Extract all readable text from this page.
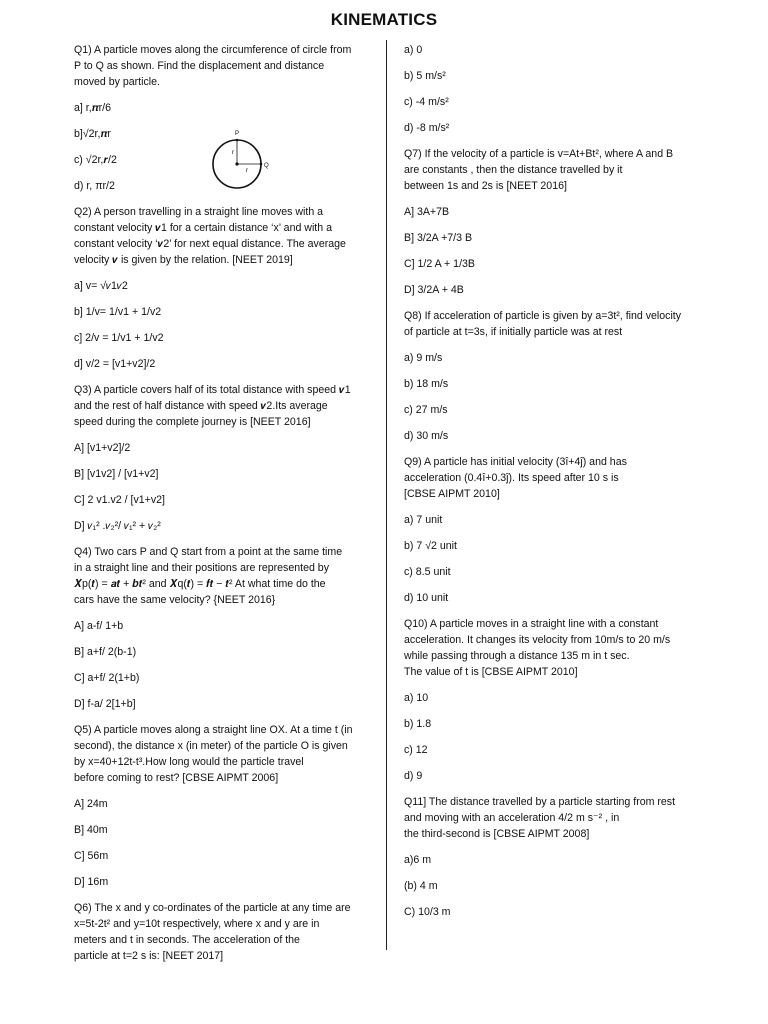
KINEMATICS
Q1) A particle moves along the circumference of circle from
P to Q as shown. Find the displacement and distance
moved by particle.
a] r,𝝅r/6
b]√2r,𝝅r
c) √2r,𝒓/2
d) r, πr/2
Q2) A person travelling in a straight line moves with a
constant velocity 𝒗1 for a certain distance ‘x’ and with a
constant velocity ‘𝒗2’ for next equal distance. The average
velocity 𝒗 is given by the relation. [NEET 2019]
a] v= √𝑣1𝑣2
b] 1/v= 1/v1 + 1/v2
c] 2/v = 1/v1 + 1/v2
d] v/2 = [v1+v2]/2
Q3) A particle covers half of its total distance with speed 𝒗1
and the rest of half distance with speed 𝒗2.Its average
speed during the complete journey is [NEET 2016]
A] [v1+v2]/2
B] [v1v2] / [v1+v2]
C] 2 v1.v2 / [v1+v2]
D] 𝑣₁² .𝑣₂²/ 𝑣₁² + 𝑣₂²
Q4) Two cars P and Q start from a point at the same time
in a straight line and their positions are represented by
𝑿p(𝒕) = 𝒂𝒕 + 𝒃𝒕² and 𝑿q(𝒕) = 𝒇𝒕 − 𝒕² At what time do the
cars have the same velocity? {NEET 2016}
A] a-f/ 1+b
B] a+f/ 2(b-1)
C] a+f/ 2(1+b)
D] f-a/ 2[1+b]
Q5) A particle moves along a straight line OX. At a time t (in
second), the distance x (in meter) of the particle O is given
by x=40+12t-t³.How long would the particle travel
before coming to rest? [CBSE AIPMT 2006]
A] 24m
B] 40m
C] 56m
D] 16m
Q6) The x and y co-ordinates of the particle at any time are
x=5t-2t² and y=10t respectively, where x and y are in
meters and t in seconds. The acceleration of the
particle at t=2 s is: [NEET 2017]
P
Q
r
r
a) 0
b) 5 m/s²
c) -4 m/s²
d) -8 m/s²
Q7) If the velocity of a particle is v=At+Bt², where A and B
are constants , then the distance travelled by it
between 1s and 2s is [NEET 2016]
A] 3A+7B
B] 3/2A +7/3 B
C] 1/2 A + 1/3B
D] 3/2A + 4B
Q8) If acceleration of particle is given by a=3t², find velocity
of particle at t=3s, if initially particle was at rest
a) 9 m/s
b) 18 m/s
c) 27 m/s
d) 30 m/s
Q9) A particle has initial velocity (3î+4ĵ) and has
acceleration (0.4î+0.3ĵ). Its speed after 10 s is
[CBSE AIPMT 2010]
a) 7 unit
b) 7 √2 unit
c) 8.5 unit
d) 10 unit
Q10) A particle moves in a straight line with a constant
acceleration. It changes its velocity from 10m/s to 20 m/s
while passing through a distance 135 m in t sec.
The value of t is [CBSE AIPMT 2010]
a) 10
b) 1.8
c) 12
d) 9
Q11] The distance travelled by a particle starting from rest
and moving with an acceleration 4/2 m s⁻² , in
the third-second is [CBSE AIPMT 2008]
a)6 m
(b) 4 m
C) 10/3 m
